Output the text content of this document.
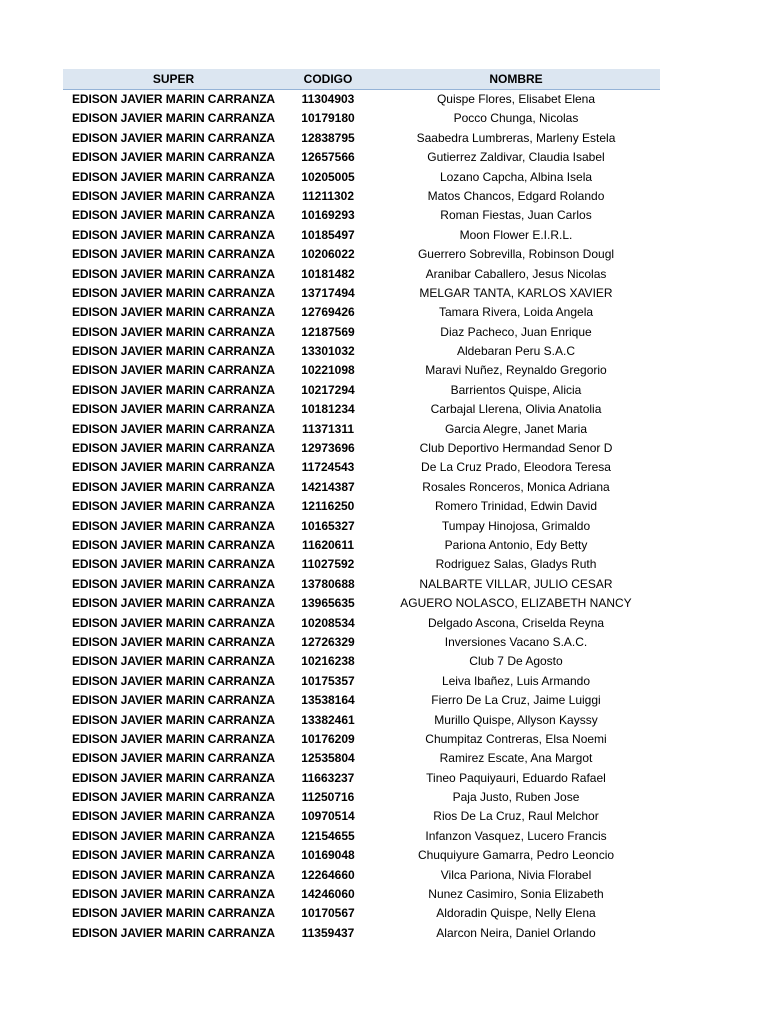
SUPER	CODIGO	NOMBRE
EDISON JAVIER MARIN CARRANZA	11304903	Quispe Flores, Elisabet Elena
EDISON JAVIER MARIN CARRANZA	10179180	Pocco Chunga, Nicolas
EDISON JAVIER MARIN CARRANZA	12838795	Saabedra Lumbreras, Marleny Estela
EDISON JAVIER MARIN CARRANZA	12657566	Gutierrez Zaldivar, Claudia Isabel
EDISON JAVIER MARIN CARRANZA	10205005	Lozano Capcha, Albina Isela
EDISON JAVIER MARIN CARRANZA	11211302	Matos Chancos, Edgard Rolando
EDISON JAVIER MARIN CARRANZA	10169293	Roman Fiestas, Juan Carlos
EDISON JAVIER MARIN CARRANZA	10185497	Moon Flower E.I.R.L.
EDISON JAVIER MARIN CARRANZA	10206022	Guerrero Sobrevilla, Robinson Dougl
EDISON JAVIER MARIN CARRANZA	10181482	Aranibar Caballero, Jesus Nicolas
EDISON JAVIER MARIN CARRANZA	13717494	MELGAR TANTA, KARLOS XAVIER
EDISON JAVIER MARIN CARRANZA	12769426	Tamara Rivera, Loida Angela
EDISON JAVIER MARIN CARRANZA	12187569	Diaz Pacheco, Juan Enrique
EDISON JAVIER MARIN CARRANZA	13301032	Aldebaran Peru S.A.C
EDISON JAVIER MARIN CARRANZA	10221098	Maravi Nuñez, Reynaldo Gregorio
EDISON JAVIER MARIN CARRANZA	10217294	Barrientos Quispe, Alicia
EDISON JAVIER MARIN CARRANZA	10181234	Carbajal Llerena, Olivia Anatolia
EDISON JAVIER MARIN CARRANZA	11371311	Garcia Alegre, Janet Maria
EDISON JAVIER MARIN CARRANZA	12973696	Club Deportivo Hermandad Senor D
EDISON JAVIER MARIN CARRANZA	11724543	De La Cruz Prado, Eleodora Teresa
EDISON JAVIER MARIN CARRANZA	14214387	Rosales Ronceros, Monica Adriana
EDISON JAVIER MARIN CARRANZA	12116250	Romero Trinidad, Edwin David
EDISON JAVIER MARIN CARRANZA	10165327	Tumpay Hinojosa, Grimaldo
EDISON JAVIER MARIN CARRANZA	11620611	Pariona Antonio, Edy Betty
EDISON JAVIER MARIN CARRANZA	11027592	Rodriguez Salas, Gladys Ruth
EDISON JAVIER MARIN CARRANZA	13780688	NALBARTE VILLAR, JULIO CESAR
EDISON JAVIER MARIN CARRANZA	13965635	AGUERO NOLASCO, ELIZABETH NANCY
EDISON JAVIER MARIN CARRANZA	10208534	Delgado Ascona, Criselda Reyna
EDISON JAVIER MARIN CARRANZA	12726329	Inversiones Vacano S.A.C.
EDISON JAVIER MARIN CARRANZA	10216238	Club 7 De Agosto
EDISON JAVIER MARIN CARRANZA	10175357	Leiva Ibañez, Luis Armando
EDISON JAVIER MARIN CARRANZA	13538164	Fierro De La Cruz, Jaime Luiggi
EDISON JAVIER MARIN CARRANZA	13382461	Murillo Quispe, Allyson Kayssy
EDISON JAVIER MARIN CARRANZA	10176209	Chumpitaz Contreras, Elsa Noemi
EDISON JAVIER MARIN CARRANZA	12535804	Ramirez Escate, Ana Margot
EDISON JAVIER MARIN CARRANZA	11663237	Tineo Paquiyauri, Eduardo Rafael
EDISON JAVIER MARIN CARRANZA	11250716	Paja Justo, Ruben Jose
EDISON JAVIER MARIN CARRANZA	10970514	Rios De La Cruz, Raul Melchor
EDISON JAVIER MARIN CARRANZA	12154655	Infanzon Vasquez, Lucero Francis
EDISON JAVIER MARIN CARRANZA	10169048	Chuquiyure Gamarra, Pedro Leoncio
EDISON JAVIER MARIN CARRANZA	12264660	Vilca Pariona, Nivia Florabel
EDISON JAVIER MARIN CARRANZA	14246060	Nunez Casimiro, Sonia Elizabeth
EDISON JAVIER MARIN CARRANZA	10170567	Aldoradin Quispe, Nelly Elena
EDISON JAVIER MARIN CARRANZA	11359437	Alarcon Neira, Daniel Orlando
